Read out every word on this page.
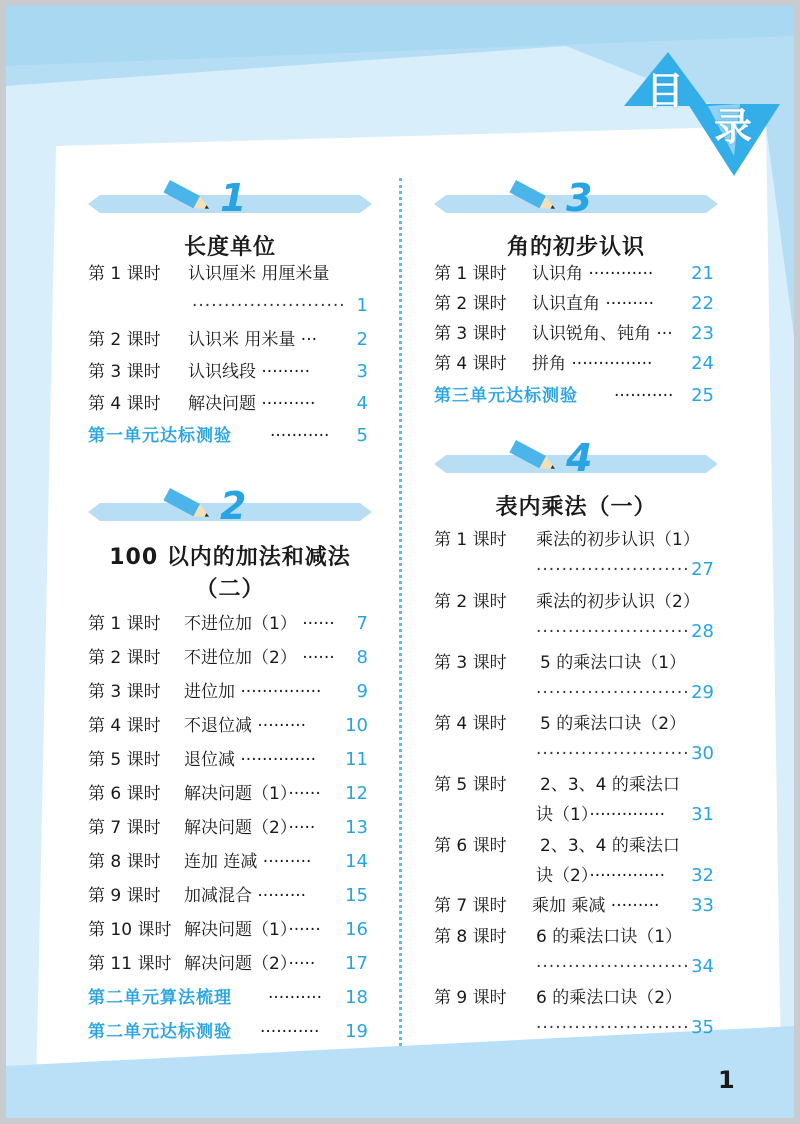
目
录
1
长度单位
第 1 课时 认识厘米 用厘米量
························ 1
第 2 课时 认识米 用米量 ··· 2
第 3 课时 认识线段 ·········	3
第 4 课时 解决问题 ·········· 4
第一单元达标测验 ··········· 5
2
100 以内的加法和减法
（二）
第 1 课时 不进位加（1） ······ 7
第 2 课时 不进位加（2） ······ 8
第 3 课时 进位加 ··············· 9
第 4 课时 不退位减 ········· 10
第 5 课时 退位减 ·············· 11
第 6 课时 解决问题（1）······ 12
第 7 课时 解决问题（2）····· 13
第 8 课时 连加 连减 ········· 14
第 9 课时 加减混合 ········· 15
第 10 课时 解决问题（1）······ 16
第 11 课时 解决问题（2）····· 17
第二单元算法梳理 ·········· 18
第二单元达标测验 ··········· 19
3
角的初步认识
第 1 课时 认识角 ············ 21
第 2 课时 认识直角 ········· 22
第 3 课时 认识锐角、钝角 ··· 23
第 4 课时 拼角 ··············· 24
第三单元达标测验 ··········· 25
4
表内乘法（一）
第 1 课时 乘法的初步认识（1）
························ 27
第 2 课时 乘法的初步认识（2）
························ 28
第 3 课时 5 的乘法口诀（1）
························ 29
第 4 课时 5 的乘法口诀（2）
························ 30
第 5 课时 2、3、4 的乘法口
诀（1）·············· 31
第 6 课时 2、3、4 的乘法口
诀（2）·············· 32
第 7 课时 乘加 乘减 ········· 33
第 8 课时 6 的乘法口诀（1）
························ 34
第 9 课时 6 的乘法口诀（2）
························ 35
1
